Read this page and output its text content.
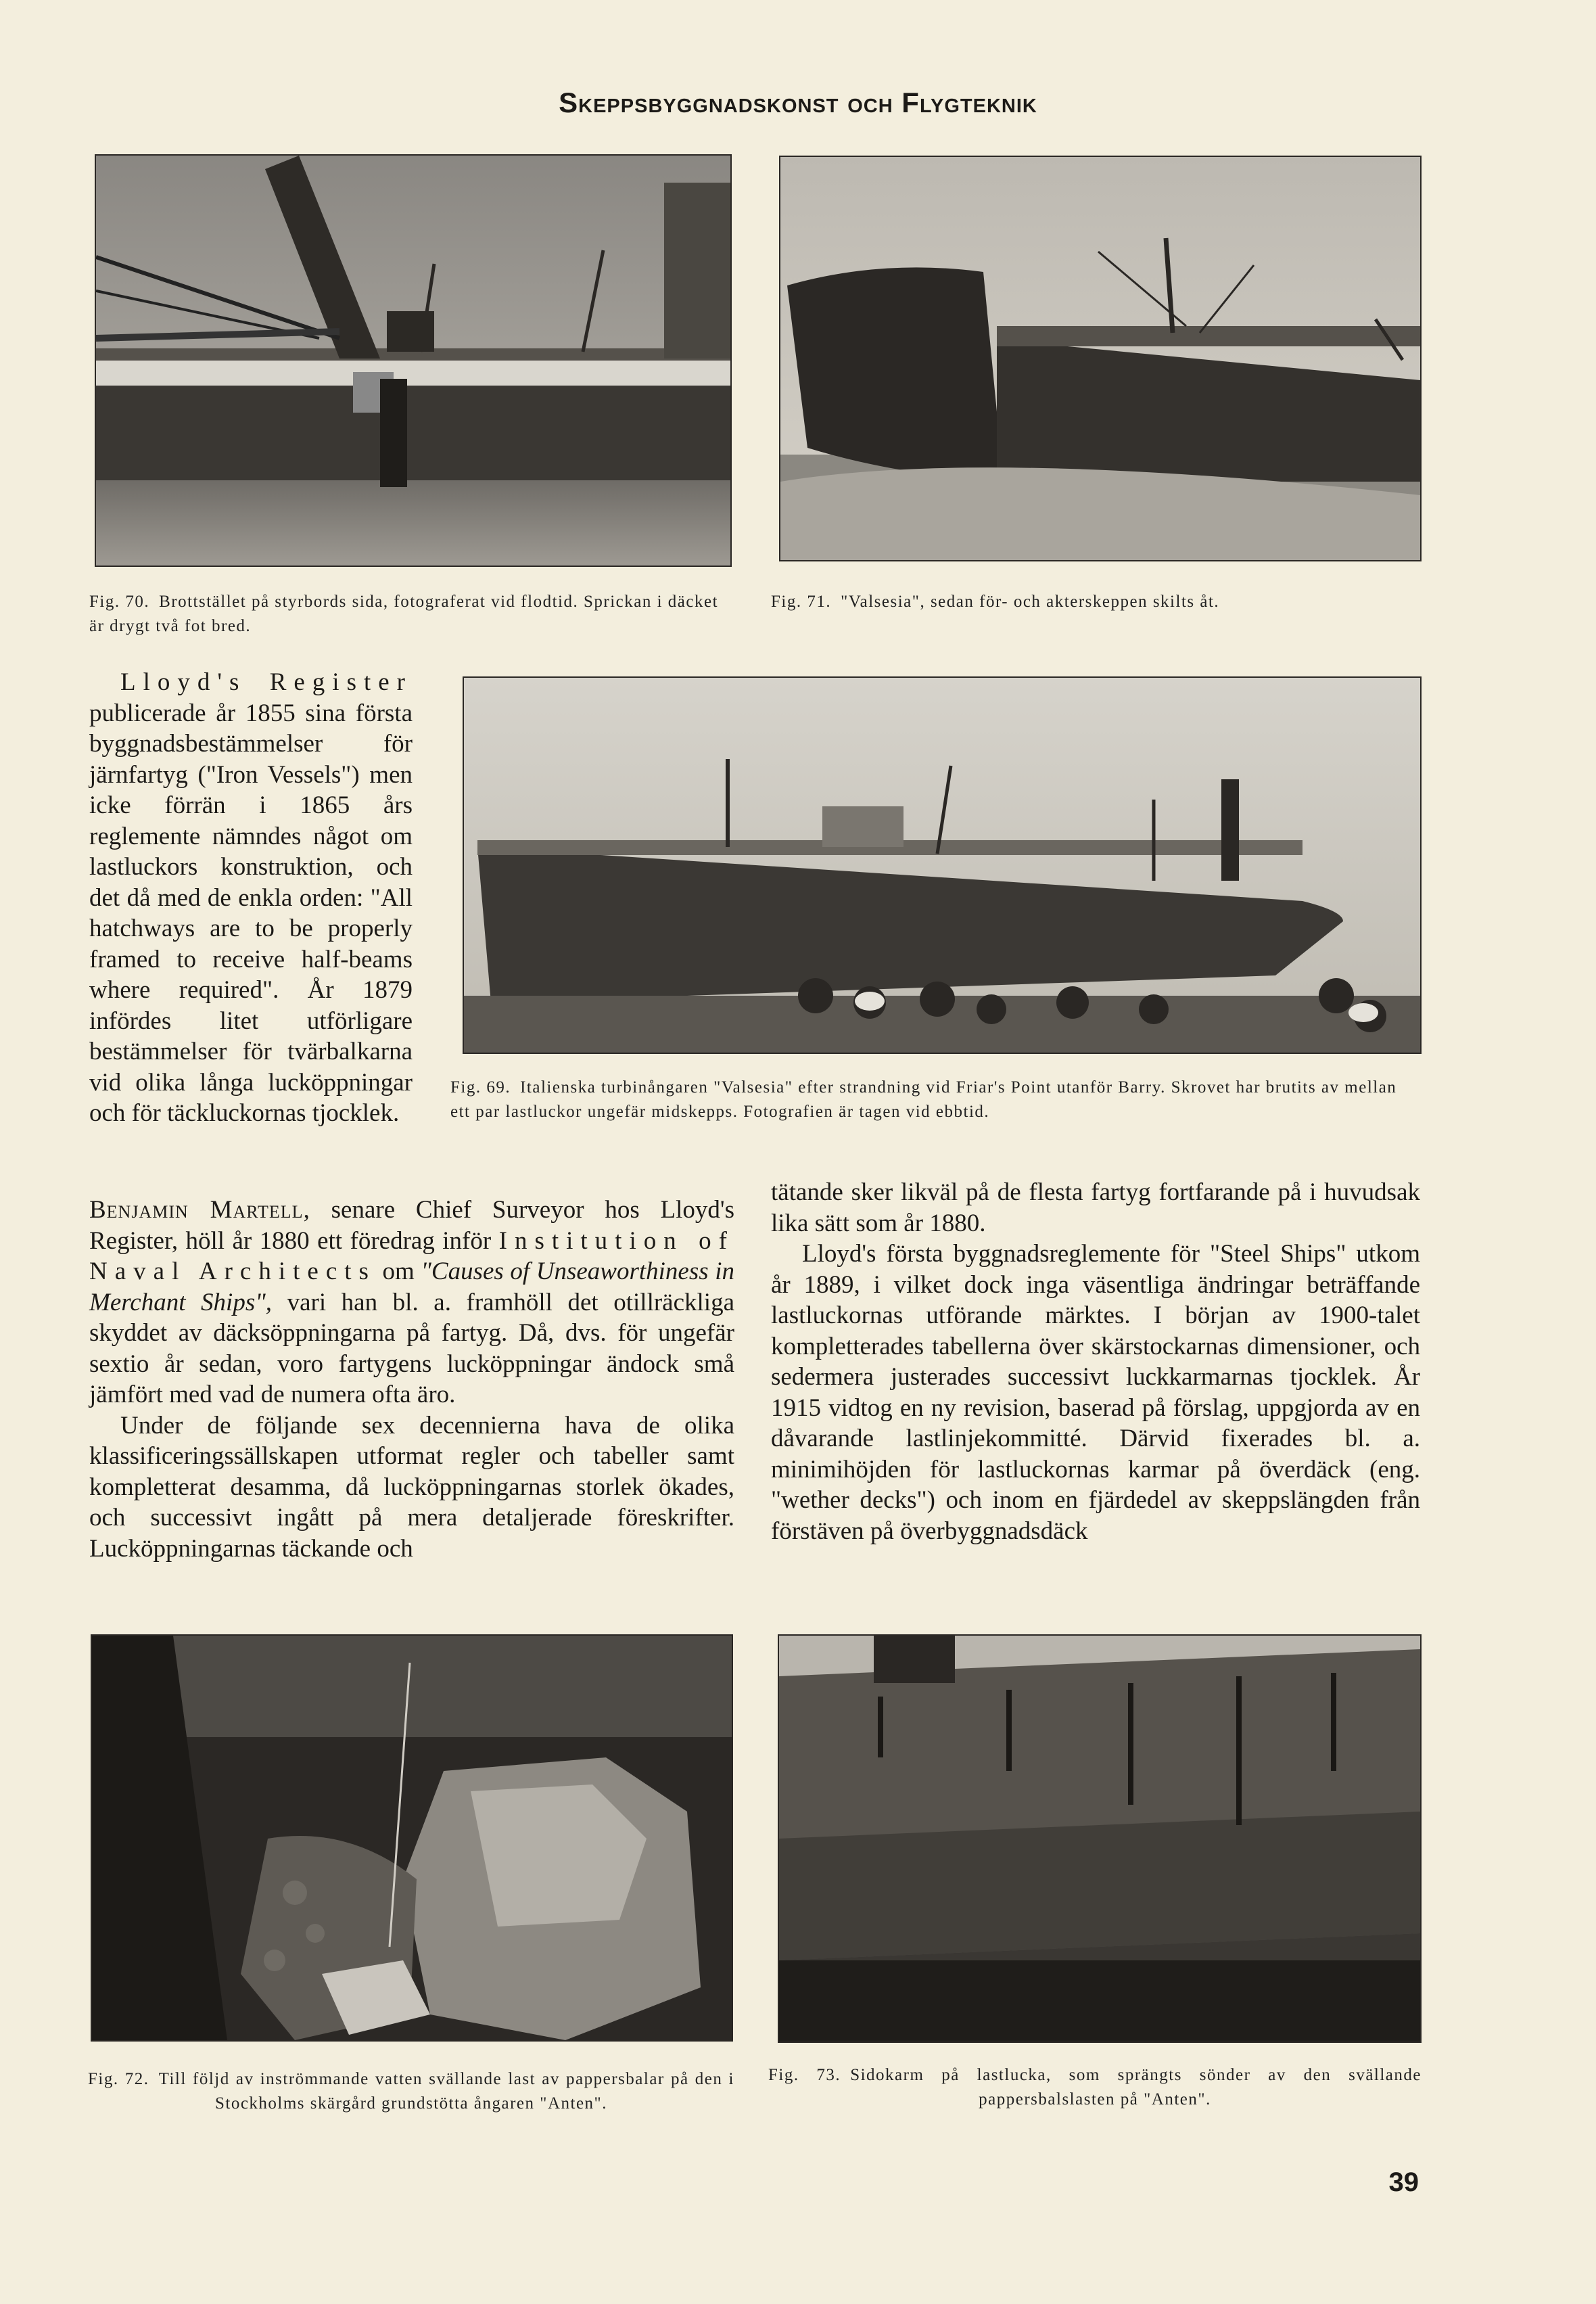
Skeppsbyggnadskonst och Flygteknik
Fig. 70. Brottstället på styrbords sida, fotograferat vid flodtid. Sprickan i däcket är drygt två fot bred.
Fig. 71. "Valsesia", sedan för- och akterskeppen skilts åt.
Fig. 69. Italienska turbinångaren "Valsesia" efter strandning vid Friar's Point utanför Barry. Skrovet har brutits av mellan ett par lastluckor ungefär midskepps. Fotografien är tagen vid ebbtid.

Lloyd's Register publicerade år 1855 sina första byggnadsbestämmelser för järnfartyg ("Iron Vessels") men icke förrän i 1865 års reglemente nämndes något om lastluckors konstruktion, och det då med de enkla orden: "All hatchways are to be properly framed to receive half-beams where required". År 1879 infördes litet utförligare bestämmelser för tvärbalkarna vid olika långa lucköppningar och för täckluckornas tjocklek.

Benjamin Martell, senare Chief Surveyor hos Lloyd's Register, höll år 1880 ett föredrag inför Institution of Naval Architects om "Causes of Unseaworthiness in Merchant Ships", vari han bl. a. framhöll det otillräckliga skyddet av däcksöppningarna på fartyg. Då, dvs. för ungefär sextio år sedan, voro fartygens lucköppningar ändock små jämfört med vad de numera ofta äro.

Under de följande sex decennierna hava de olika klassificeringssällskapen utformat regler och tabeller samt kompletterat desamma, då lucköppningarnas storlek ökades, och successivt ingått på mera detaljerade föreskrifter. Lucköppningarnas täckande och

tätande sker likväl på de flesta fartyg fortfarande på i huvudsak lika sätt som år 1880.

Lloyd's första byggnadsreglemente för "Steel Ships" utkom år 1889, i vilket dock inga väsentliga ändringar beträffande lastluckornas utförande märktes. I början av 1900-talet kompletterades tabellerna över skärstockarnas dimensioner, och sedermera justerades successivt luckkarmarnas tjocklek. År 1915 vidtog en ny revision, baserad på förslag, uppgjorda av en dåvarande lastlinjekommitté. Därvid fixerades bl. a. minimihöjden för lastluckornas karmar på överdäck (eng. "wether decks") och inom en fjärdedel av skeppslängden från förstäven på överbyggnadsdäck

Fig. 72. Till följd av inströmmande vatten svällande last av pappersbalar på den i Stockholms skärgård grundstötta ångaren "Anten".
Fig. 73. Sidokarm på lastlucka, som sprängts sönder av den svällande pappersbalslasten på "Anten".
39
